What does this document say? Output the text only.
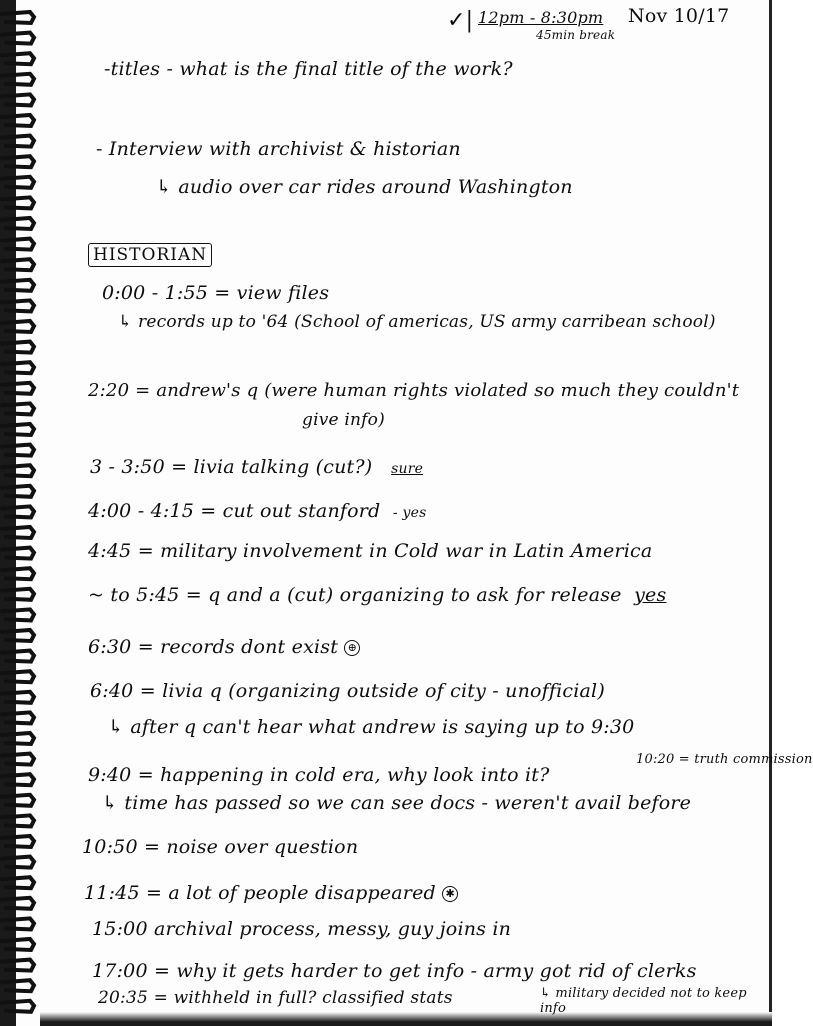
✓| 12pm - 8:30pm
45min break
Nov 10/17
-titles - what is the final title of the work?
- Interview with archivist & historian
↳ audio over car rides around Washington
HISTORIAN
0:00 - 1:55 = view files
↳ records up to '64 (School of americas, US army carribean school)
2:20 = andrew's q (were human rights violated so much they couldn't
give info)
3 - 3:50 = livia talking (cut?) sure
4:00 - 4:15 = cut out stanford - yes
4:45 = military involvement in Cold war in Latin America
~ to 5:45 = q and a (cut) organizing to ask for release yes
6:30 = records dont exist ⊕
6:40 = livia q (organizing outside of city - unofficial)
↳ after q can't hear what andrew is saying up to 9:30
9:40 = happening in cold era, why look into it?
10:20 = truth commission
↳ time has passed so we can see docs - weren't avail before
10:50 = noise over question
11:45 = a lot of people disappeared ✱
15:00 archival process, messy, guy joins in
17:00 = why it gets harder to get info - army got rid of clerks
20:35 = withheld in full? classified stats	↳ military decided not to keep info
